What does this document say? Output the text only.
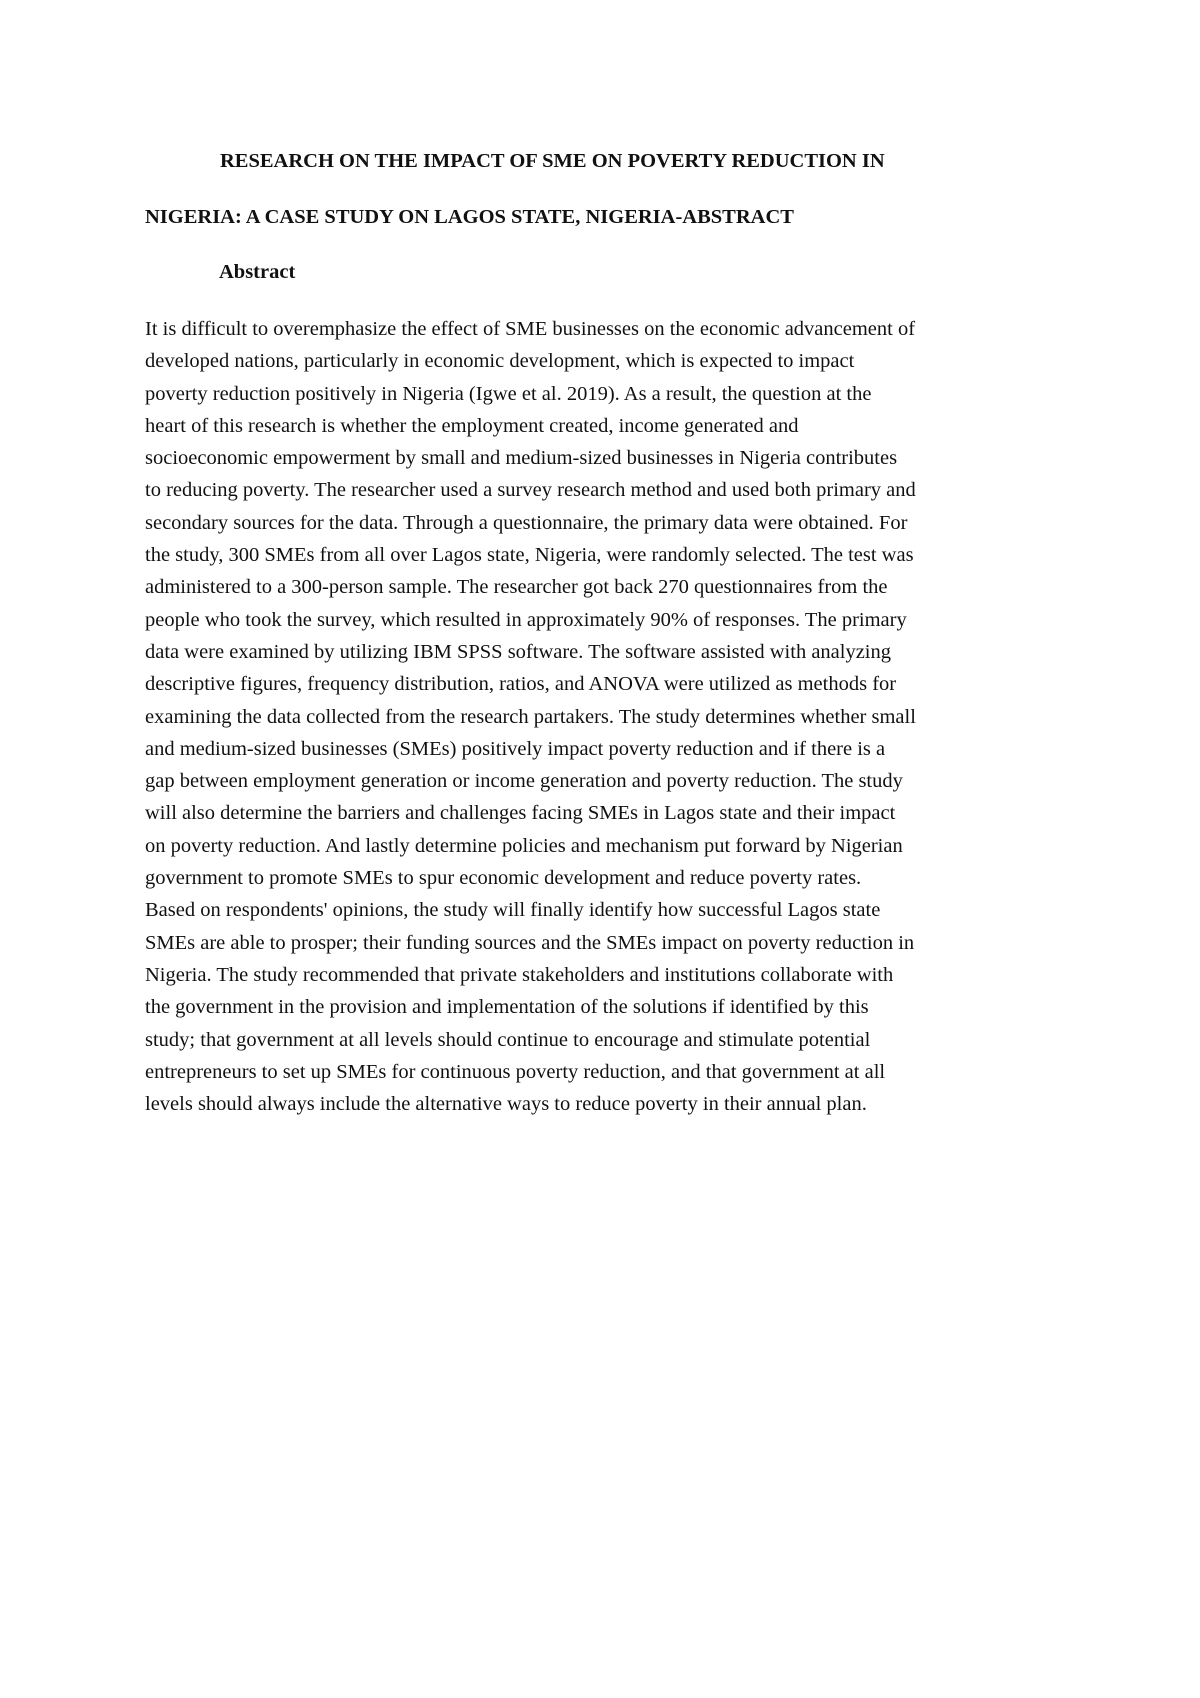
RESEARCH ON THE IMPACT OF SME ON POVERTY REDUCTION IN
NIGERIA: A CASE STUDY ON LAGOS STATE, NIGERIA-ABSTRACT
Abstract
It is difficult to overemphasize the effect of SME businesses on the economic advancement of
developed nations, particularly in economic development, which is expected to impact
poverty reduction positively in Nigeria (Igwe et al. 2019). As a result, the question at the
heart of this research is whether the employment created, income generated and
socioeconomic empowerment by small and medium-sized businesses in Nigeria contributes
to reducing poverty. The researcher used a survey research method and used both primary and
secondary sources for the data. Through a questionnaire, the primary data were obtained. For
the study, 300 SMEs from all over Lagos state, Nigeria, were randomly selected. The test was
administered to a 300-person sample. The researcher got back 270 questionnaires from the
people who took the survey, which resulted in approximately 90% of responses. The primary
data were examined by utilizing IBM SPSS software. The software assisted with analyzing
descriptive figures, frequency distribution, ratios, and ANOVA were utilized as methods for
examining the data collected from the research partakers. The study determines whether small
and medium-sized businesses (SMEs) positively impact poverty reduction and if there is a
gap between employment generation or income generation and poverty reduction. The study
will also determine the barriers and challenges facing SMEs in Lagos state and their impact
on poverty reduction. And lastly determine policies and mechanism put forward by Nigerian
government to promote SMEs to spur economic development and reduce poverty rates.
Based on respondents' opinions, the study will finally identify how successful Lagos state
SMEs are able to prosper; their funding sources and the SMEs impact on poverty reduction in
Nigeria. The study recommended that private stakeholders and institutions collaborate with
the government in the provision and implementation of the solutions if identified by this
study; that government at all levels should continue to encourage and stimulate potential
entrepreneurs to set up SMEs for continuous poverty reduction, and that government at all
levels should always include the alternative ways to reduce poverty in their annual plan.
